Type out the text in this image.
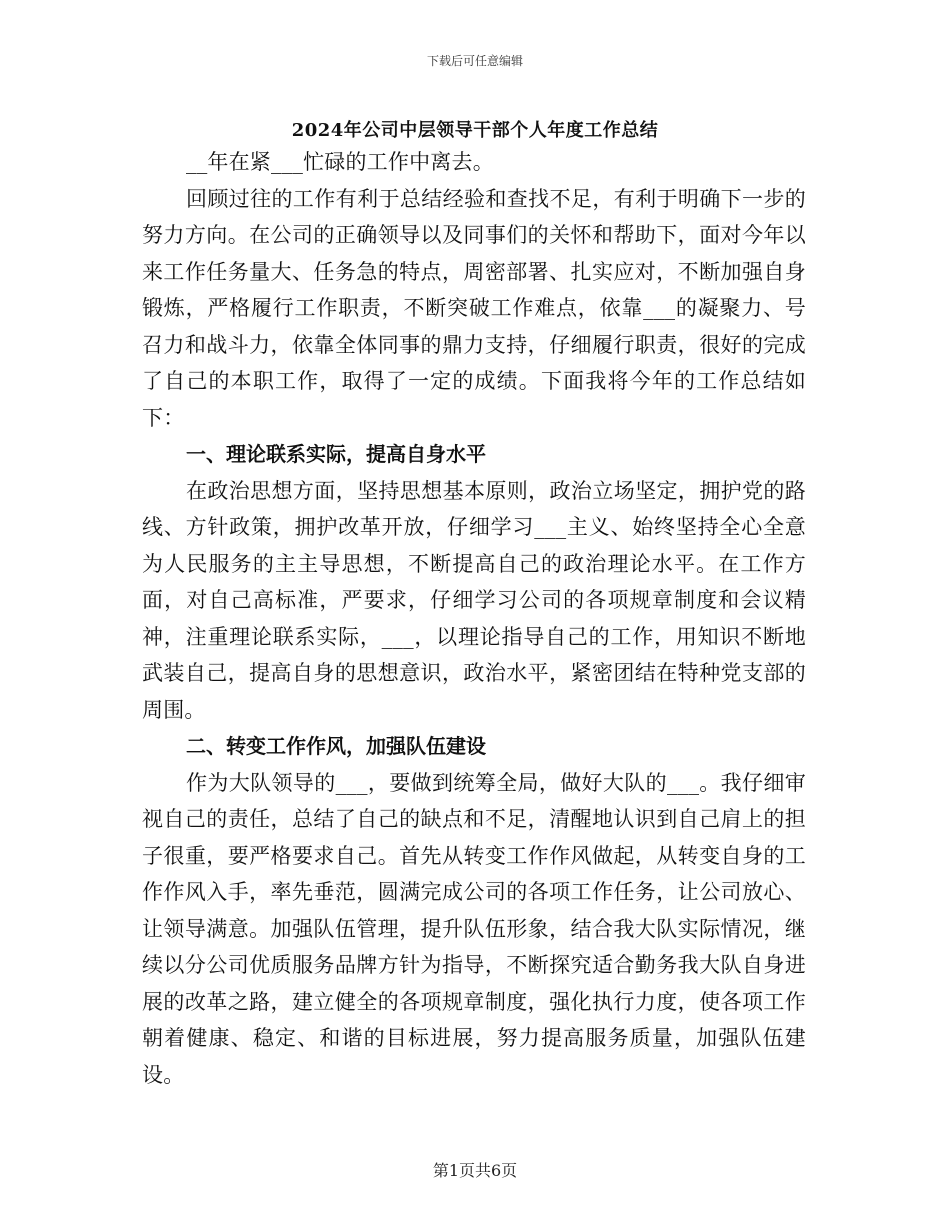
下载后可任意编辑
2024年公司中层领导干部个人年度工作总结

__年在紧___忙碌的工作中离去。

回顾过往的工作有利于总结经验和查找不足，有利于明确下一步的努力方向。在公司的正确领导以及同事们的关怀和帮助下，面对今年以来工作任务量大、任务急的特点，周密部署、扎实应对，不断加强自身锻炼，严格履行工作职责，不断突破工作难点，依靠___的凝聚力、号召力和战斗力，依靠全体同事的鼎力支持，仔细履行职责，很好的完成了自己的本职工作，取得了一定的成绩。下面我将今年的工作总结如下：

一、理论联系实际，提高自身水平

在政治思想方面，坚持思想基本原则，政治立场坚定，拥护党的路线、方针政策，拥护改革开放，仔细学习___主义、始终坚持全心全意为人民服务的主主导思想，不断提高自己的政治理论水平。在工作方面，对自己高标准，严要求，仔细学习公司的各项规章制度和会议精神，注重理论联系实际，___，以理论指导自己的工作，用知识不断地武装自己，提高自身的思想意识，政治水平，紧密团结在特种党支部的周围。

二、转变工作作风，加强队伍建设

作为大队领导的___，要做到统筹全局，做好大队的___。我仔细审视自己的责任，总结了自己的缺点和不足，清醒地认识到自己肩上的担子很重，要严格要求自己。首先从转变工作作风做起，从转变自身的工作作风入手，率先垂范，圆满完成公司的各项工作任务，让公司放心、让领导满意。加强队伍管理，提升队伍形象，结合我大队实际情况，继续以分公司优质服务品牌方针为指导，不断探究适合勤务我大队自身进展的改革之路，建立健全的各项规章制度，强化执行力度，使各项工作朝着健康、稳定、和谐的目标进展，努力提高服务质量，加强队伍建设。

第1页共6页
